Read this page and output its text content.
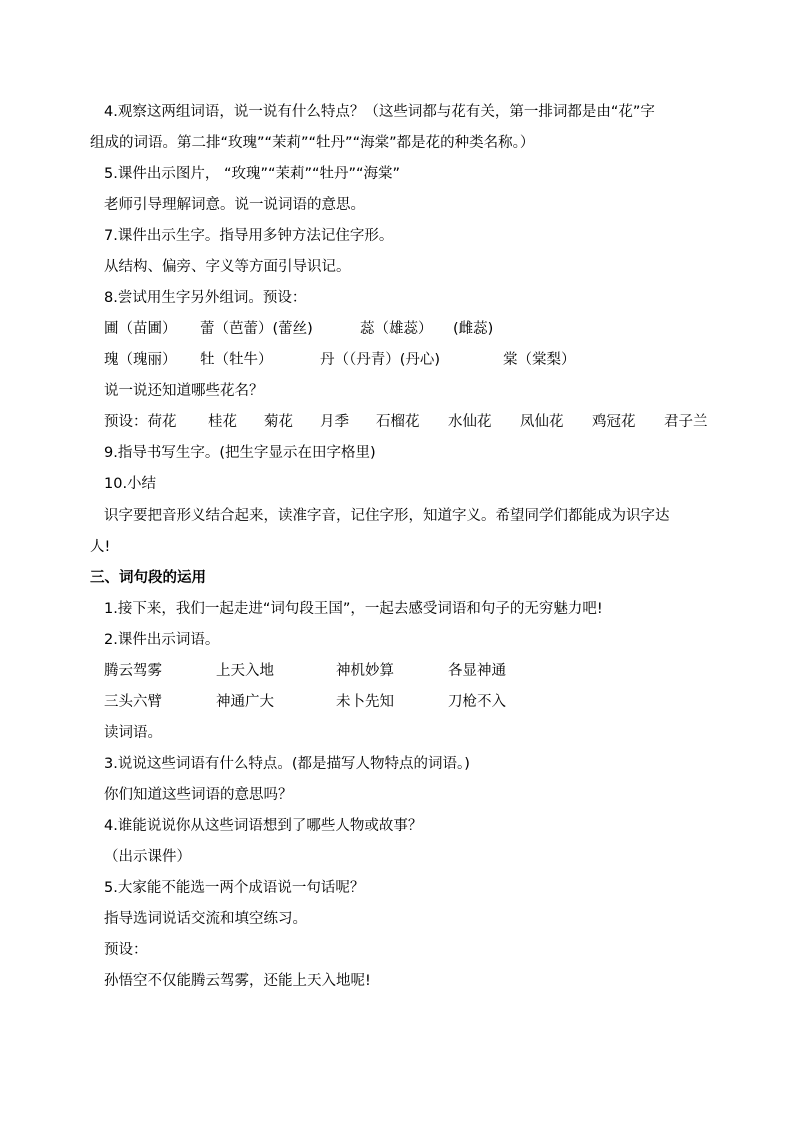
4.观察这两组词语，说一说有什么特点？（这些词都与花有关，第一排词都是由“花”字
组成的词语。第二排“玫瑰”“茉莉”“牡丹”“海棠”都是花的种类名称。）
5.课件出示图片， “玫瑰”“茉莉”“牡丹”“海棠”
老师引导理解词意。说一说词语的意思。
7.课件出示生字。指导用多钟方法记住字形。
从结构、偏旁、字义等方面引导识记。
8.尝试用生字另外组词。预设：
圃（苗圃） 蕾（芭蕾）(蕾丝)	蕊（雄蕊） (雌蕊)
瑰（瑰丽） 牡（牡牛）	丹（（丹青）(丹心)	棠（棠梨）
说一说还知道哪些花名？
预设：荷花 桂花 菊花 月季 石榴花 水仙花 凤仙花 鸡冠花 君子兰
9.指导书写生字。(把生字显示在田字格里)
10.小结
识字要把音形义结合起来，读准字音，记住字形，知道字义。希望同学们都能成为识字达
人!
三、词句段的运用
1.接下来，我们一起走进“词句段王国”，一起去感受词语和句子的无穷魅力吧!
2.课件出示词语。
腾云驾雾	上天入地	神机妙算	各显神通
三头六臂	神通广大	未卜先知	刀枪不入
读词语。
3.说说这些词语有什么特点。(都是描写人物特点的词语。)
你们知道这些词语的意思吗？
4.谁能说说你从这些词语想到了哪些人物或故事？
（出示课件）
5.大家能不能选一两个成语说一句话呢？
指导选词说话交流和填空练习。
预设：
孙悟空不仅能腾云驾雾，还能上天入地呢!
